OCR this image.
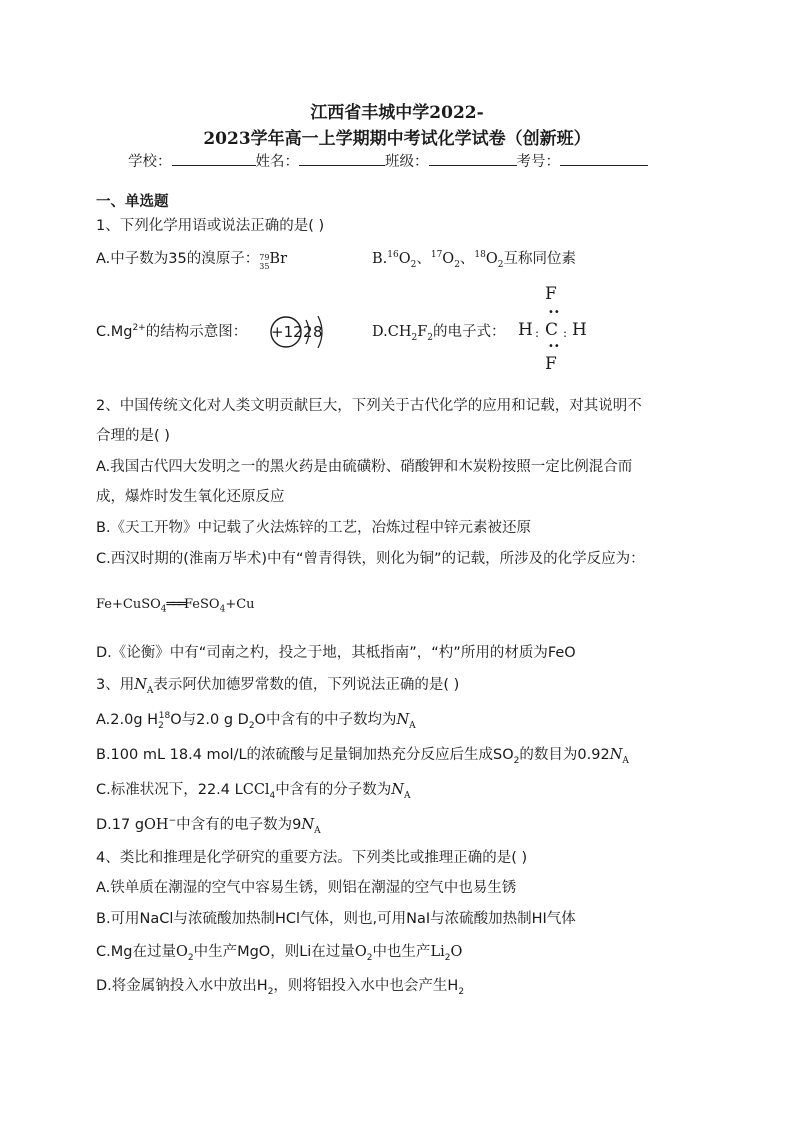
江西省丰城中学2022-
2023学年高一上学期期中考试化学试卷（创新班）
学校：	姓名：	班级：	考号：
一、单选题
1、下列化学用语或说法正确的是( )
A.中子数为35的溴原子： 79
35 Br	$B.^{16}O_2$、$^{17}O_2$、$^{18}O_2$互称同位素
$C.Mg^{2+}$的结构示意图： +12 2 8	$D.CH_2F_2$的电子式：
F
••
H : C : H
••
F
2、中国传统文化对人类文明贡献巨大，下列关于古代化学的应用和记载，对其说明不
合理的是( )
A.我国古代四大发明之一的黑火药是由硫磺粉、硝酸钾和木炭粉按照一定比例混合而
成，爆炸时发生氧化还原反应
B.《天工开物》中记载了火法炼锌的工艺，冶炼过程中锌元素被还原
C.西汉时期的(淮南万毕术)中有“曾青得铁，则化为铜”的记载，所涉及的化学反应为：
Fe+CuSO$_4$═══FeSO$_4$+Cu
D.《论衡》中有“司南之杓，投之于地，其柢指南”，“杓”所用的材质为FeO
3、用$N_A$表示阿伏加德罗常数的值，下列说法正确的是( )
A.2.0g $H_2^{18}O$与2.0 g $D_2O$中含有的中子数均为$N_A$
B.100 mL 18.4 mol/L的浓硫酸与足量铜加热充分反应后生成$SO_2$的数目为$0.92N_A$
C.标准状况下，22.4 LCCl$_4$中含有的分子数为$N_A$
D.17 gOH−中含有的电子数为$9N_A$
4、类比和推理是化学研究的重要方法。下列类比或推理正确的是( )
A.铁单质在潮湿的空气中容易生锈，则铝在潮湿的空气中也易生锈
B.可用NaCl与浓硫酸加热制HCl气体，则也,可用NaI与浓硫酸加热制HI气体
C.Mg在过量$O_2$中生产MgO，则Li在过量$O_2$中也生产$Li_2O$
D.将金属钠投入水中放出$H_2$，则将铝投入水中也会产生$H_2$
